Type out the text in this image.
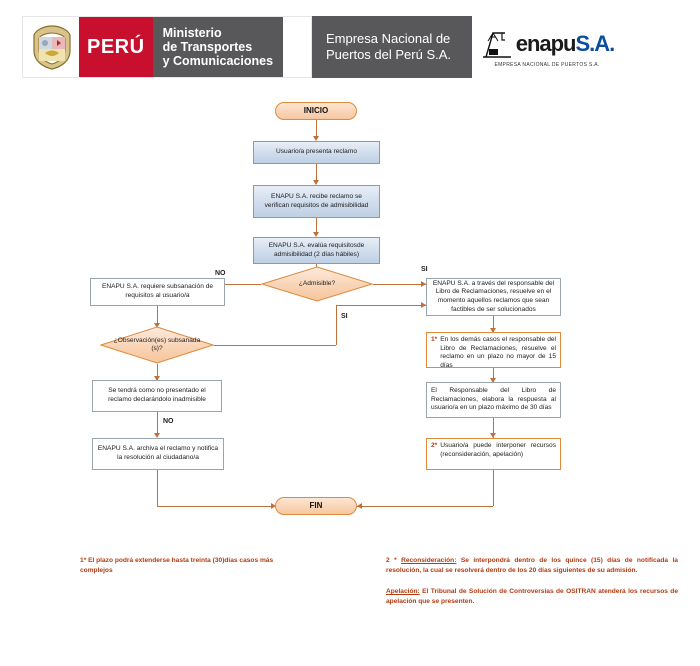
PERÚ
Ministerio
de Transportes
y Comunicaciones
Empresa Nacional de
Puertos del Perú S.A.	enapu S.A.
EMPRESA NACIONAL DE PUERTOS S.A.
INICIO
Usuario/a presenta reclamo
ENAPU S.A. recibe reclamo se verifican requisitos de admisibilidad
ENAPU S.A. evalúa requisitosde admisibilidad (2 días hábiles)
¿Admisible?
NO
SI
ENAPU S.A. requiere subsanación de requisitos al usuario/a
¿Observación(es) subsanada (s)?
SI
Se tendrá como no presentado el reclamo declarándolo inadmisible
NO
ENAPU S.A. archiva el reclamo y notifica la resolución al ciudadano/a
ENAPU S.A. a través del responsable del Libro de Reclamaciones, resuelve en el momento aquellos reclamos que sean factibles de ser solucionados
1* En los demás casos el responsable del Libro de Reclamaciones, resuelve el reclamo en un plazo no mayor de 15 días
El Responsable del Libro de Reclamaciones, elabora la respuesta al usuario/a en un plazo máximo de 30 días
2* Usuario/a puede interponer recursos (reconsideración, apelación)
FIN
1* El plazo podrá extenderse hasta treinta (30)días casos más complejos
2 * Reconsideración: Se interpondrá dentro de los quince (15) días de notificada la resolución, la cual se resolverá dentro de los 20 días siguientes de su admisión.
Apelación: El Tribunal de Solución de Controversias de OSITRAN atenderá los recursos de apelación que se presenten.
